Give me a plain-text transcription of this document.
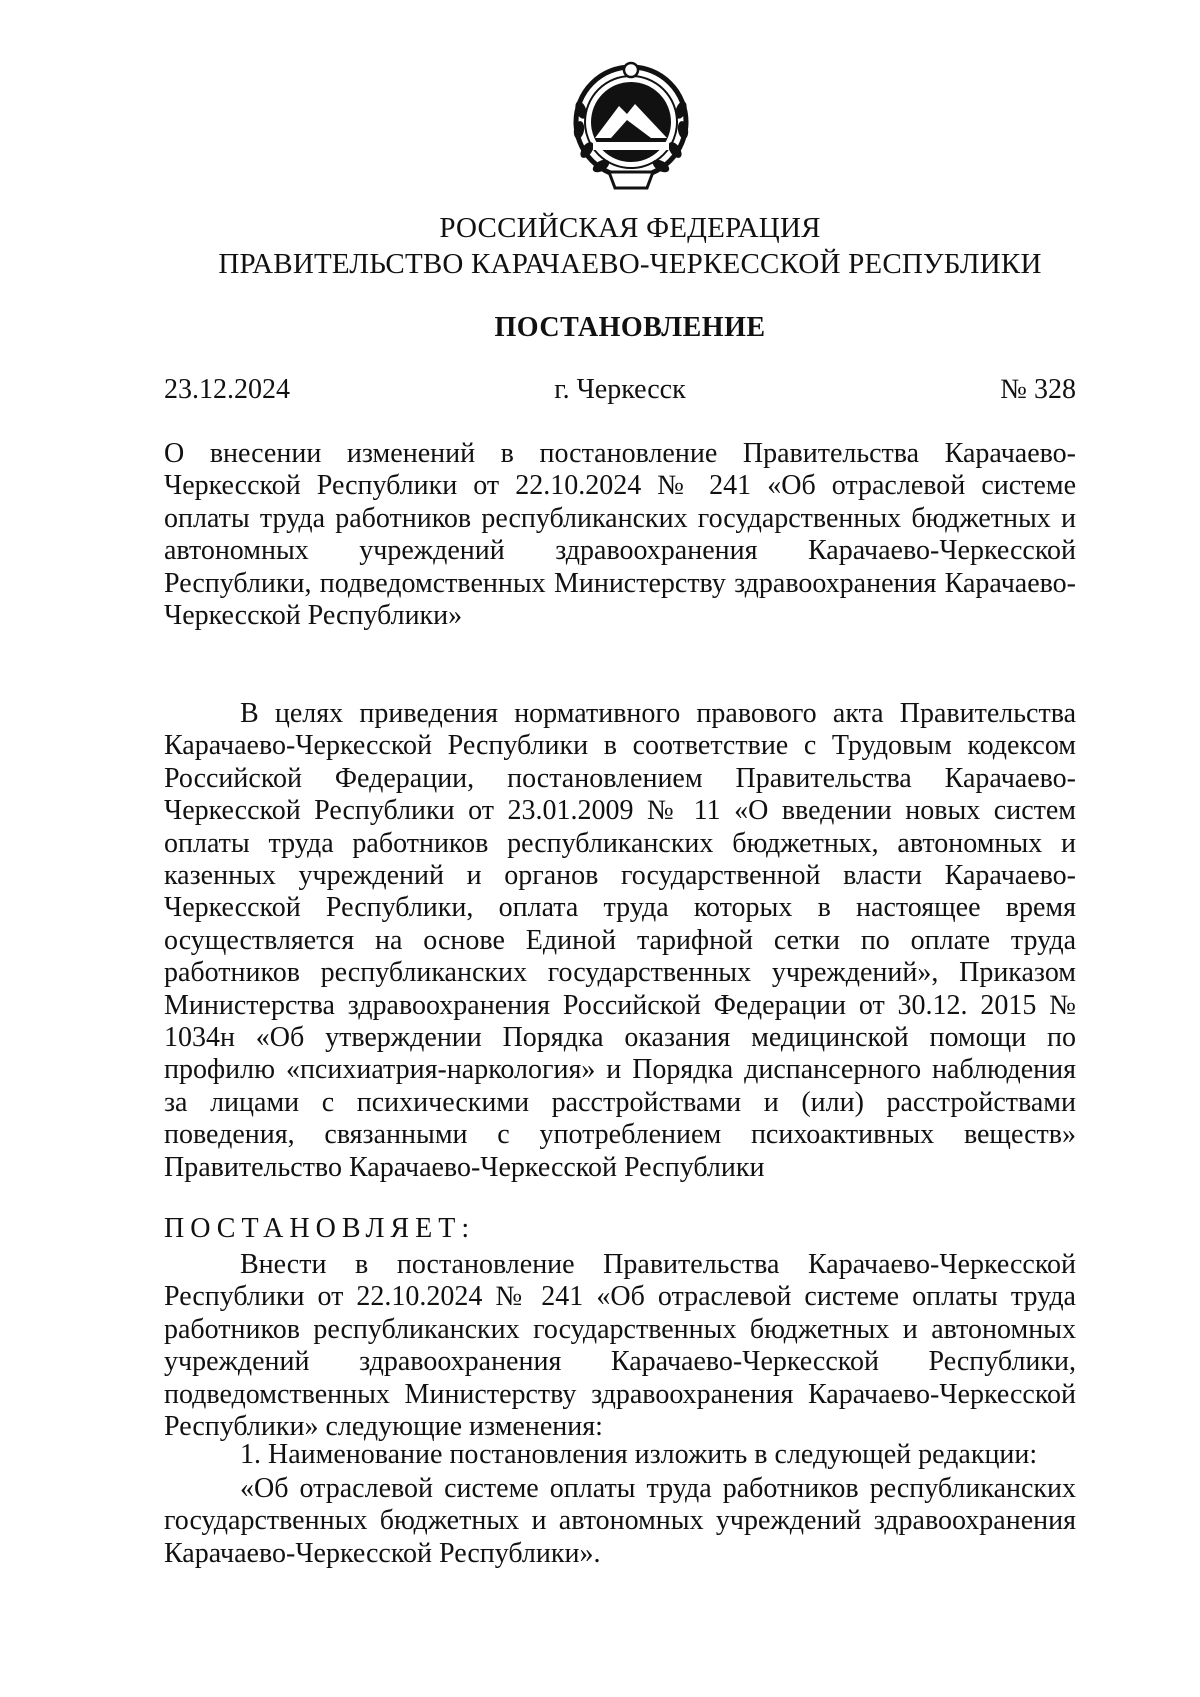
РОССИЙСКАЯ ФЕДЕРАЦИЯ
ПРАВИТЕЛЬСТВО КАРАЧАЕВО-ЧЕРКЕССКОЙ РЕСПУБЛИКИ
ПОСТАНОВЛЕНИЕ
23.12.2024	г. Черкесск	№ 328
О внесении изменений в постановление Правительства Карачаево-Черкесской Республики от 22.10.2024 № 241 «Об отраслевой системе оплаты труда работников республиканских государственных бюджетных и автономных учреждений здравоохранения Карачаево-Черкесской Республики, подведомственных Министерству здравоохранения Карачаево-Черкесской Республики»
В целях приведения нормативного правового акта Правительства Карачаево-Черкесской Республики в соответствие с Трудовым кодексом Российской Федерации, постановлением Правительства Карачаево-Черкесской Республики от 23.01.2009 № 11 «О введении новых систем оплаты труда работников республиканских бюджетных, автономных и казенных учреждений и органов государственной власти Карачаево-Черкесской Республики, оплата труда которых в настоящее время осуществляется на основе Единой тарифной сетки по оплате труда работников республиканских государственных учреждений», Приказом Министерства здравоохранения Российской Федерации от 30.12. 2015 № 1034н «Об утверждении Порядка оказания медицинской помощи по профилю «психиатрия-наркология» и Порядка диспансерного наблюдения за лицами с психическими расстройствами и (или) расстройствами поведения, связанными с употреблением психоактивных веществ» Правительство Карачаево-Черкесской Республики
ПОСТАНОВЛЯЕТ:
Внести в постановление Правительства Карачаево-Черкесской Республики от 22.10.2024 № 241 «Об отраслевой системе оплаты труда работников республиканских государственных бюджетных и автономных учреждений здравоохранения Карачаево-Черкесской Республики, подведомственных Министерству здравоохранения Карачаево-Черкесской Республики» следующие изменения:
1. Наименование постановления изложить в следующей редакции:
«Об отраслевой системе оплаты труда работников республиканских государственных бюджетных и автономных учреждений здравоохранения Карачаево-Черкесской Республики».
